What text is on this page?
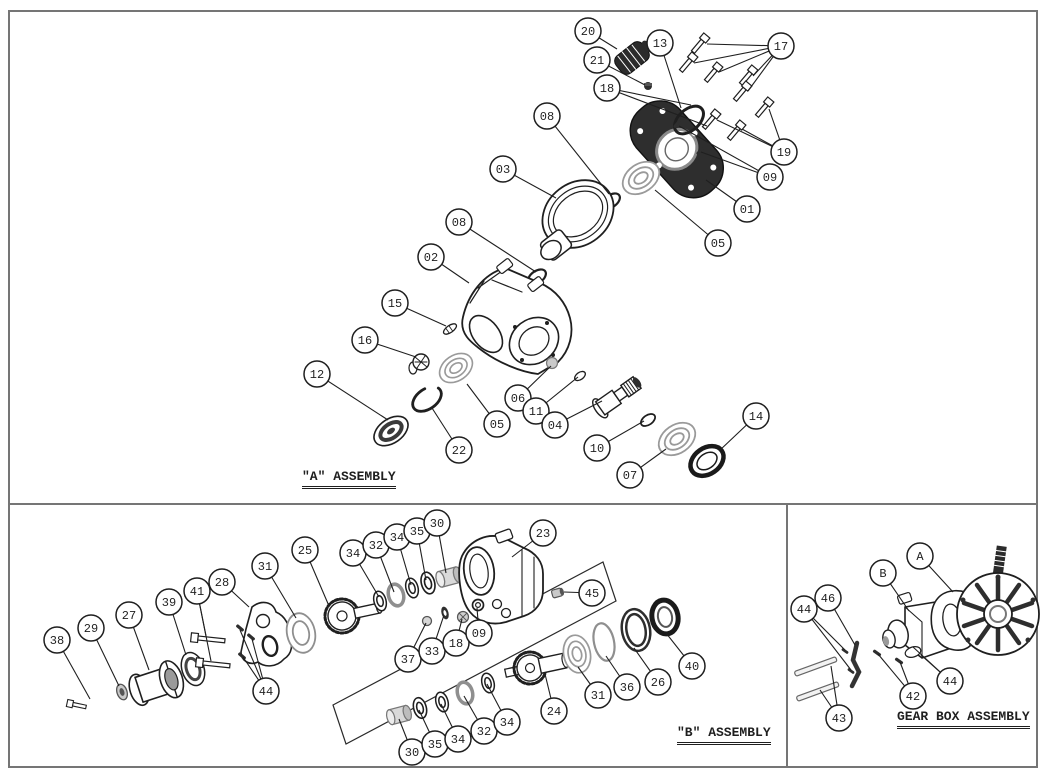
20
21
13	17
18
08
19
09
01
05
03
08
02
15
16
12
22
05
06
11
04
10
07
14
38
29
27
39
41
28
44
31
25	34
32
34 35
30
23
45
37
33
18
09
30
35 34
32
34
24
31
36 26
40
A
B
46
44
43
42
44
″A″ ASSEMBLY
″B″ ASSEMBLY
GEAR BOX ASSEMBLY
